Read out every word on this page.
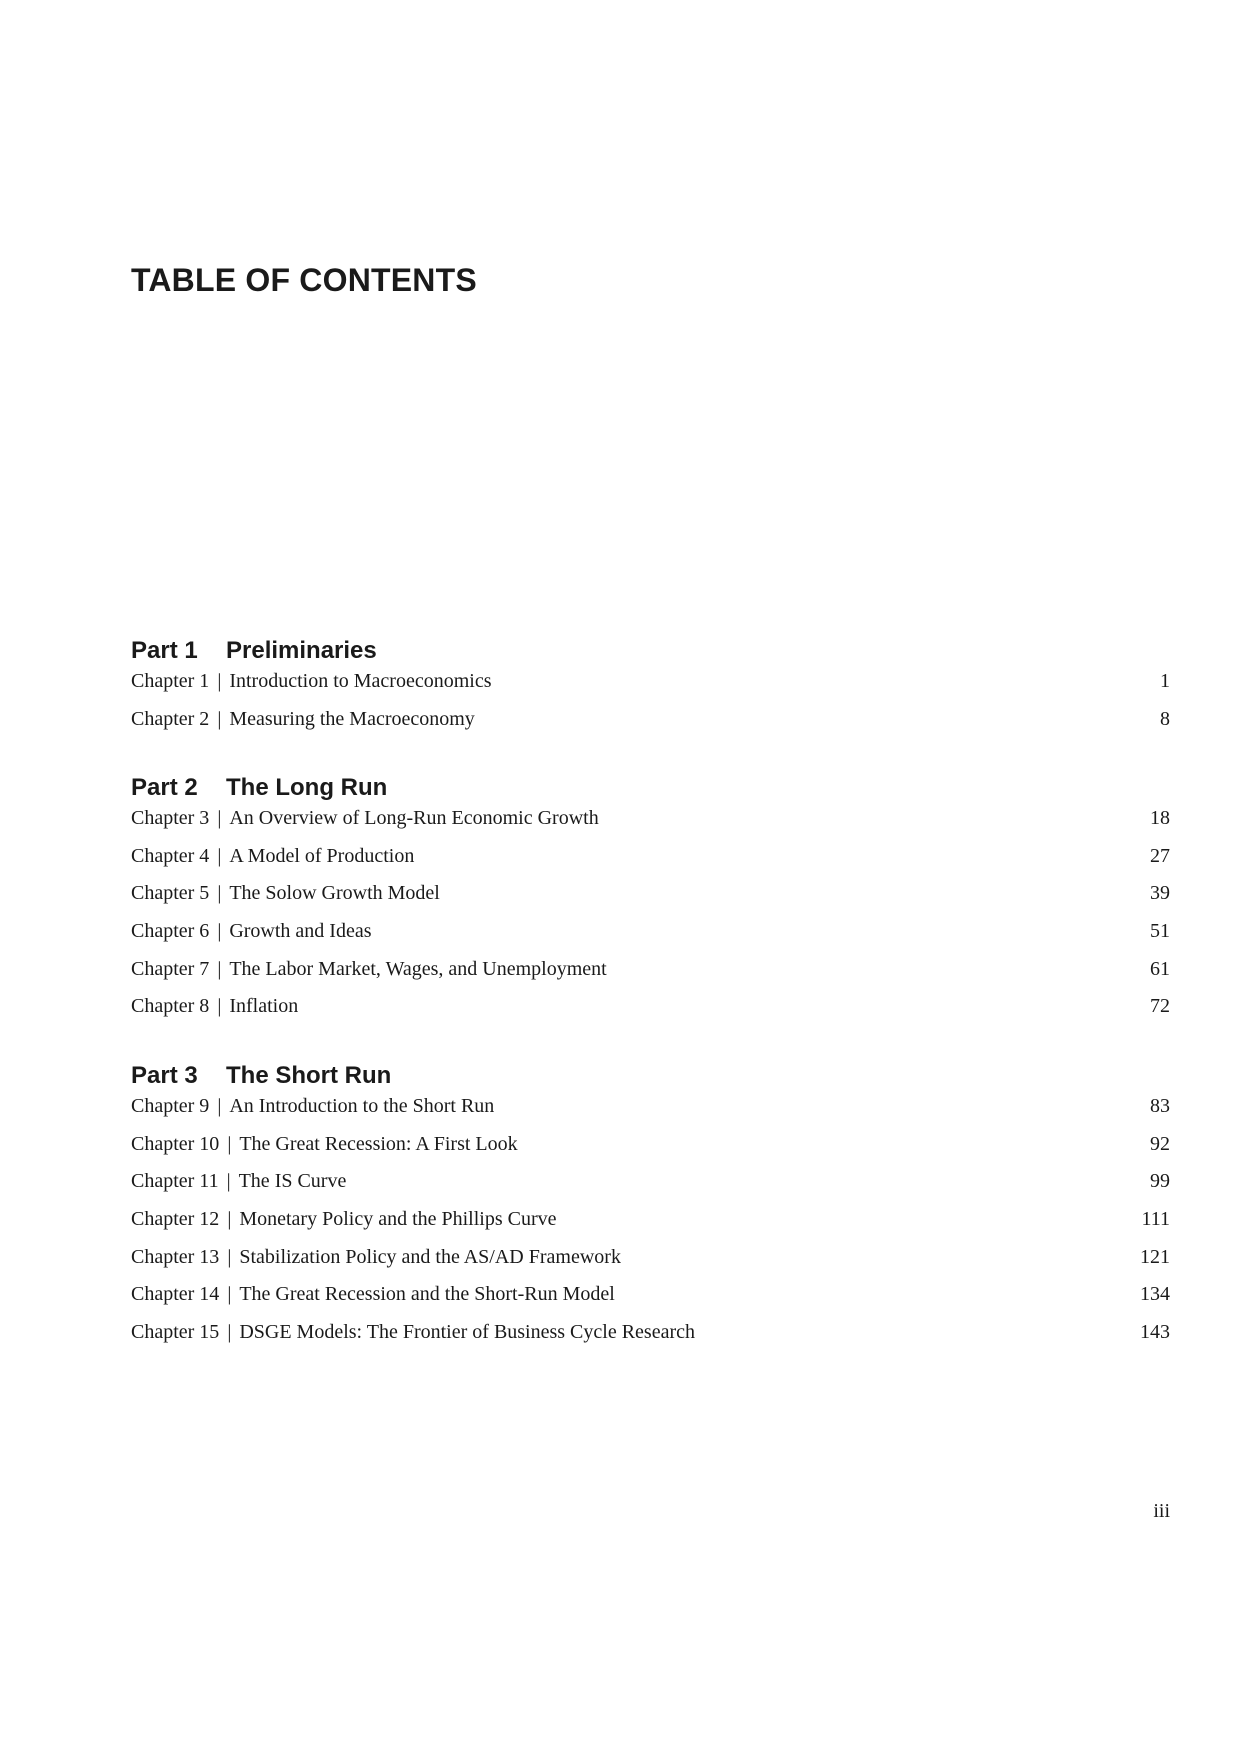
TABLE OF CONTENTS
Part 1 Preliminaries
Chapter 1 | Introduction to Macroeconomics	1
Chapter 2 | Measuring the Macroeconomy	8
Part 2 The Long Run
Chapter 3 | An Overview of Long-Run Economic Growth	18
Chapter 4 | A Model of Production	27
Chapter 5 | The Solow Growth Model	39
Chapter 6 | Growth and Ideas	51
Chapter 7 | The Labor Market, Wages, and Unemployment	61
Chapter 8 | Inflation	72
Part 3 The Short Run
Chapter 9 | An Introduction to the Short Run	83
Chapter 10 | The Great Recession: A First Look	92
Chapter 11 | The IS Curve	99
Chapter 12 | Monetary Policy and the Phillips Curve	111
Chapter 13 | Stabilization Policy and the AS/AD Framework	121
Chapter 14 | The Great Recession and the Short-Run Model	134
Chapter 15 | DSGE Models: The Frontier of Business Cycle Research	143
iii
